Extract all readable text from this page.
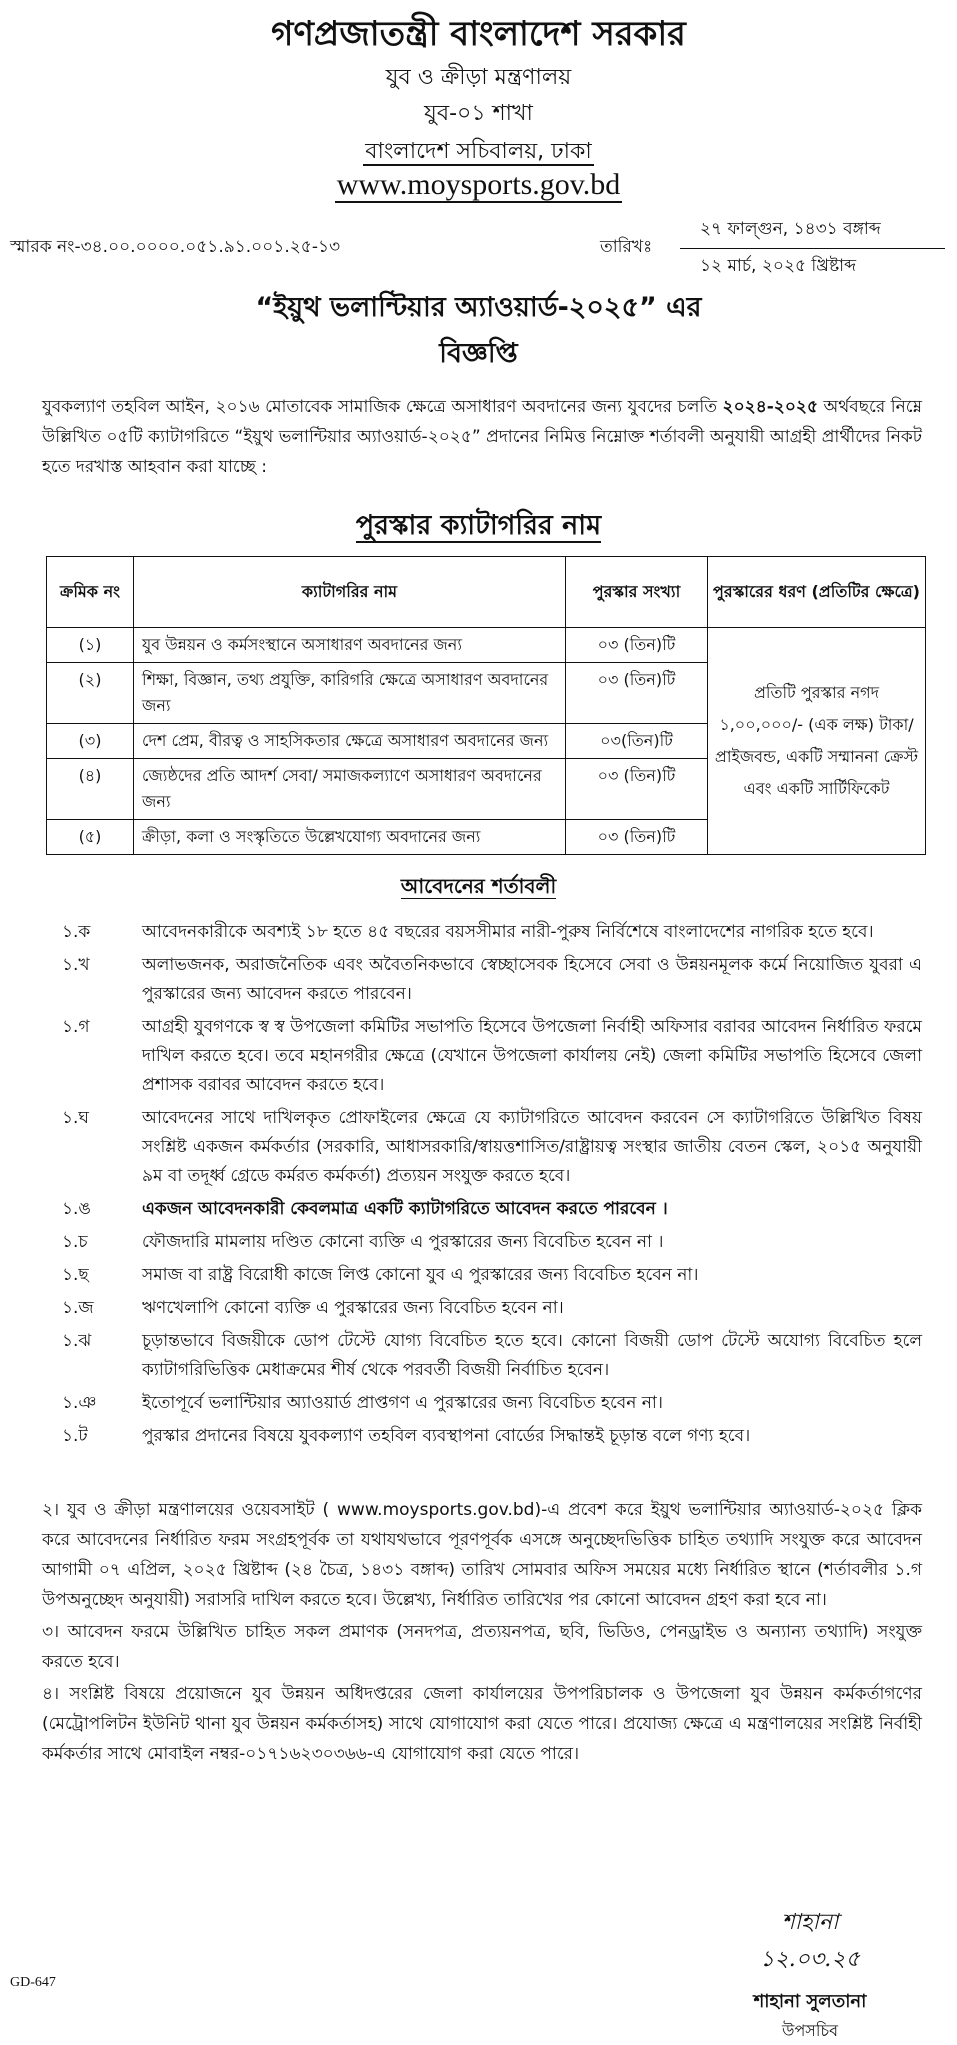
গণপ্রজাতন্ত্রী বাংলাদেশ সরকার
যুব ও ক্রীড়া মন্ত্রণালয়
যুব-০১ শাখা
বাংলাদেশ সচিবালয়, ঢাকা
www.moysports.gov.bd
স্মারক নং-৩৪.০০.০০০০.০৫১.৯১.০০১.২৫-১৩	তারিখঃ
২৭ ফাল্গুন, ১৪৩১ বঙ্গাব্দ
১২ মার্চ, ২০২৫ খ্রিষ্টাব্দ
“ইয়ুথ ভলান্টিয়ার অ্যাওয়ার্ড-২০২৫” এর
বিজ্ঞপ্তি
যুবকল্যাণ তহবিল আইন, ২০১৬ মোতাবেক সামাজিক ক্ষেত্রে অসাধারণ অবদানের জন্য যুবদের চলতি ২০২৪-২০২৫ অর্থবছরে নিম্নে উল্লিখিত ০৫টি ক্যাটাগরিতে “ইয়ুথ ভলান্টিয়ার অ্যাওয়ার্ড-২০২৫” প্রদানের নিমিত্ত নিম্নোক্ত শর্তাবলী অনুযায়ী আগ্রহী প্রার্থীদের নিকট হতে দরখাস্ত আহবান করা যাচ্ছে :
পুরস্কার ক্যাটাগরির নাম
ক্রমিক নং	ক্যাটাগরির নাম	পুরস্কার সংখ্যা	পুরস্কারের ধরণ (প্রতিটির ক্ষেত্রে)
(১)	যুব উন্নয়ন ও কর্মসংস্থানে অসাধারণ অবদানের জন্য	০৩ (তিন)টি	প্রতিটি পুরস্কার নগদ ১,০০,০০০/- (এক লক্ষ) টাকা/প্রাইজবন্ড, একটি সম্মাননা ক্রেস্ট এবং একটি সার্টিফিকেট
(২)	শিক্ষা, বিজ্ঞান, তথ্য প্রযুক্তি, কারিগরি ক্ষেত্রে অসাধারণ অবদানের জন্য	০৩ (তিন)টি	
(৩)	দেশ প্রেম, বীরত্ব ও সাহসিকতার ক্ষেত্রে অসাধারণ অবদানের জন্য	০৩(তিন)টি	
(৪)	জ্যেষ্ঠদের প্রতি আদর্শ সেবা/ সমাজকল্যাণে অসাধারণ অবদানের জন্য	০৩ (তিন)টি	
(৫)	ক্রীড়া, কলা ও সংস্কৃতিতে উল্লেখযোগ্য অবদানের জন্য	০৩ (তিন)টি	
আবেদনের শর্তাবলী
১.ক	আবেদনকারীকে অবশ্যই ১৮ হতে ৪৫ বছরের বয়সসীমার নারী-পুরুষ নির্বিশেষে বাংলাদেশের নাগরিক হতে হবে।
১.খ	অলাভজনক, অরাজনৈতিক এবং অবৈতনিকভাবে স্বেচ্ছাসেবক হিসেবে সেবা ও উন্নয়নমূলক কর্মে নিয়োজিত যুবরা এ পুরস্কারের জন্য আবেদন করতে পারবেন।
১.গ	আগ্রহী যুবগণকে স্ব স্ব উপজেলা কমিটির সভাপতি হিসেবে উপজেলা নির্বাহী অফিসার বরাবর আবেদন নির্ধারিত ফরমে দাখিল করতে হবে। তবে মহানগরীর ক্ষেত্রে (যেখানে উপজেলা কার্যালয় নেই) জেলা কমিটির সভাপতি হিসেবে জেলা প্রশাসক বরাবর আবেদন করতে হবে।
১.ঘ	আবেদনের সাথে দাখিলকৃত প্রোফাইলের ক্ষেত্রে যে ক্যাটাগরিতে আবেদন করবেন সে ক্যাটাগরিতে উল্লিখিত বিষয় সংশ্লিষ্ট একজন কর্মকর্তার (সরকারি, আধাসরকারি/স্বায়ত্তশাসিত/রাষ্ট্রায়ত্ব সংস্থার জাতীয় বেতন স্কেল, ২০১৫ অনুযায়ী ৯ম বা তদূর্ধ্ব গ্রেডে কর্মরত কর্মকর্তা) প্রত্যয়ন সংযুক্ত করতে হবে।
১.ঙ	একজন আবেদনকারী কেবলমাত্র একটি ক্যাটাগরিতে আবেদন করতে পারবেন ।
১.চ	ফৌজদারি মামলায় দণ্ডিত কোনো ব্যক্তি এ পুরস্কারের জন্য বিবেচিত হবেন না ।
১.ছ	সমাজ বা রাষ্ট্র বিরোধী কাজে লিপ্ত কোনো যুব এ পুরস্কারের জন্য বিবেচিত হবেন না।
১.জ	ঋণখেলাপি কোনো ব্যক্তি এ পুরস্কারের জন্য বিবেচিত হবেন না।
১.ঝ	চূড়ান্তভাবে বিজয়ীকে ডোপ টেস্টে যোগ্য বিবেচিত হতে হবে। কোনো বিজয়ী ডোপ টেস্টে অযোগ্য বিবেচিত হলে ক্যাটাগরিভিত্তিক মেধাক্রমের শীর্ষ থেকে পরবর্তী বিজয়ী নির্বাচিত হবেন।
১.ঞ	ইতোপূর্বে ভলান্টিয়ার অ্যাওয়ার্ড প্রাপ্তগণ এ পুরস্কারের জন্য বিবেচিত হবেন না।
১.ট	পুরস্কার প্রদানের বিষয়ে যুবকল্যাণ তহবিল ব্যবস্থাপনা বোর্ডের সিদ্ধান্তই চূড়ান্ত বলে গণ্য হবে।

২। যুব ও ক্রীড়া মন্ত্রণালয়ের ওয়েবসাইট ( www.moysports.gov.bd)-এ প্রবেশ করে ইয়ুথ ভলান্টিয়ার অ্যাওয়ার্ড-২০২৫ ক্লিক করে আবেদনের নির্ধারিত ফরম সংগ্রহপূর্বক তা যথাযথভাবে পূরণপূর্বক এসঙ্গে অনুচ্ছেদভিত্তিক চাহিত তথ্যাদি সংযুক্ত করে আবেদন আগামী ০৭ এপ্রিল, ২০২৫ খ্রিষ্টাব্দ (২৪ চৈত্র, ১৪৩১ বঙ্গাব্দ) তারিখ সোমবার অফিস সময়ের মধ্যে নির্ধারিত স্থানে (শর্তাবলীর ১.গ উপঅনুচ্ছেদ অনুযায়ী) সরাসরি দাখিল করতে হবে। উল্লেখ্য, নির্ধারিত তারিখের পর কোনো আবেদন গ্রহণ করা হবে না।

৩। আবেদন ফরমে উল্লিখিত চাহিত সকল প্রমাণক (সনদপত্র, প্রত্যয়নপত্র, ছবি, ভিডিও, পেনড্রাইভ ও অন্যান্য তথ্যাদি) সংযুক্ত করতে হবে।

৪। সংশ্লিষ্ট বিষয়ে প্রয়োজনে যুব উন্নয়ন অধিদপ্তরের জেলা কার্যালয়ের উপপরিচালক ও উপজেলা যুব উন্নয়ন কর্মকর্তাগণের (মেট্রোপলিটন ইউনিট থানা যুব উন্নয়ন কর্মকর্তাসহ) সাথে যোগাযোগ করা যেতে পারে। প্রযোজ্য ক্ষেত্রে এ মন্ত্রণালয়ের সংশ্লিষ্ট নির্বাহী কর্মকর্তার সাথে মোবাইল নম্বর-০১৭১৬২৩০৩৬৬-এ যোগাযোগ করা যেতে পারে।

শাহানা
১২.০৩.২৫
শাহানা সুলতানা
উপসচিব
GD-647
